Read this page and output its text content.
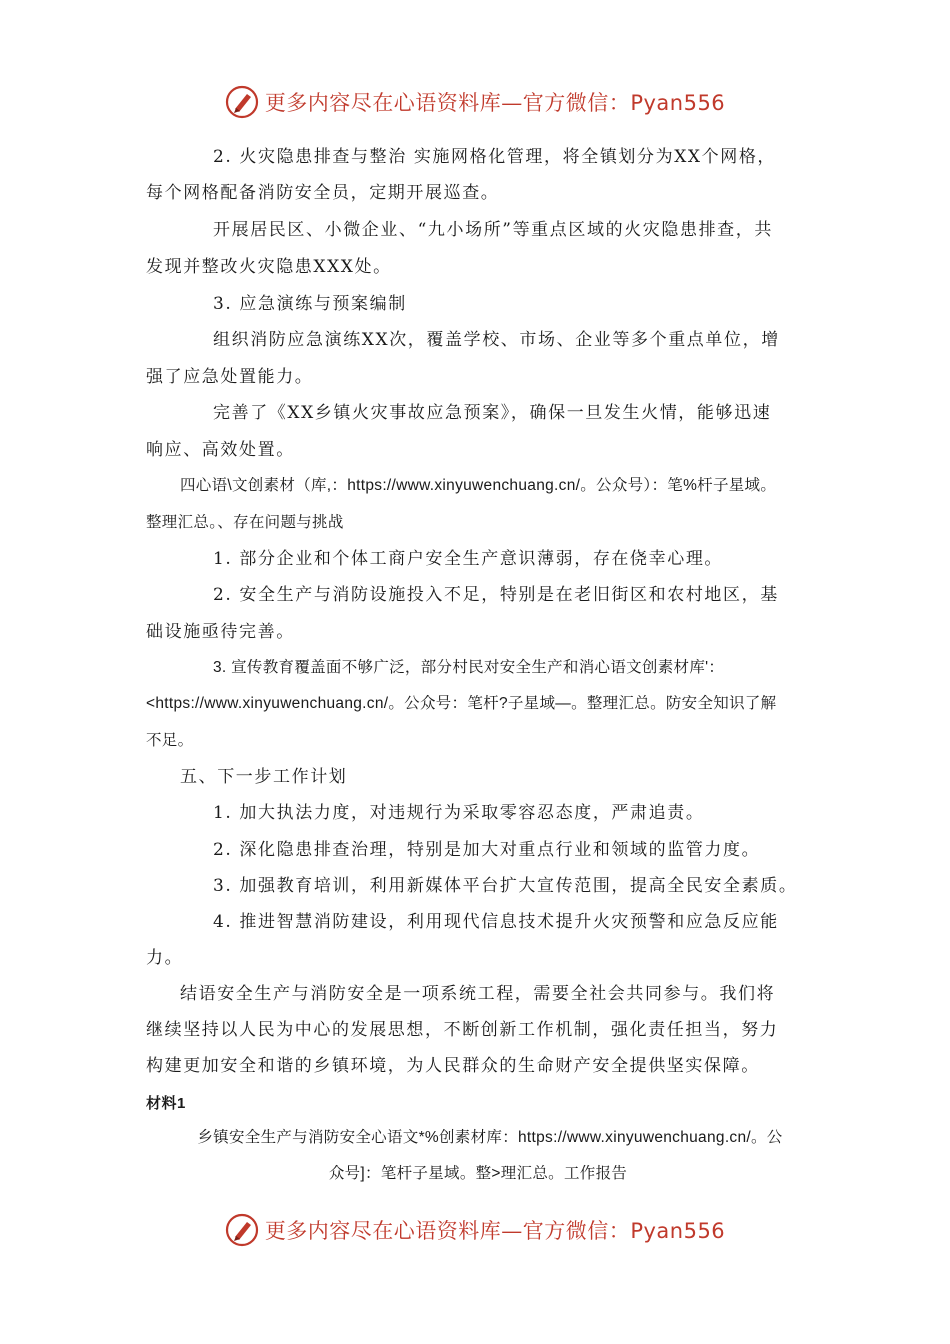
更多内容尽在心语资料库—官方微信：Pyan556
2. 火灾隐患排查与整治 实施网格化管理，将全镇划分为XX个网格，
每个网格配备消防安全员，定期开展巡查。
开展居民区、小微企业、“九小场所”等重点区域的火灾隐患排查，共
发现并整改火灾隐患XXX处。
3. 应急演练与预案编制
组织消防应急演练XX次，覆盖学校、市场、企业等多个重点单位，增
强了应急处置能力。
完善了《XX乡镇火灾事故应急预案》，确保一旦发生火情，能够迅速
响应、高效处置。
四心语\文创素材（库,：https://www.xinyuwenchuang.cn/。公众号）：笔%杆子星域。
整理汇总。、存在问题与挑战
1. 部分企业和个体工商户安全生产意识薄弱，存在侥幸心理。
2. 安全生产与消防设施投入不足，特别是在老旧街区和农村地区，基
础设施亟待完善。
3. 宣传教育覆盖面不够广泛，部分村民对安全生产和消心语文创素材库'：
<https://www.xinyuwenchuang.cn/。公众号：笔杆?子星域—。整理汇总。防安全知识了解
不足。
五、下一步工作计划
1. 加大执法力度，对违规行为采取零容忍态度，严肃追责。
2. 深化隐患排查治理，特别是加大对重点行业和领域的监管力度。
3. 加强教育培训，利用新媒体平台扩大宣传范围，提高全民安全素质。
4. 推进智慧消防建设，利用现代信息技术提升火灾预警和应急反应能
力。
结语安全生产与消防安全是一项系统工程，需要全社会共同参与。我们将
继续坚持以人民为中心的发展思想，不断创新工作机制，强化责任担当，努力
构建更加安全和谐的乡镇环境，为人民群众的生命财产安全提供坚实保障。
材料1
乡镇安全生产与消防安全心语文*%创素材库：https://www.xinyuwenchuang.cn/。公
众号]：笔杆子星域。整>理汇总。工作报告
更多内容尽在心语资料库—官方微信：Pyan556
